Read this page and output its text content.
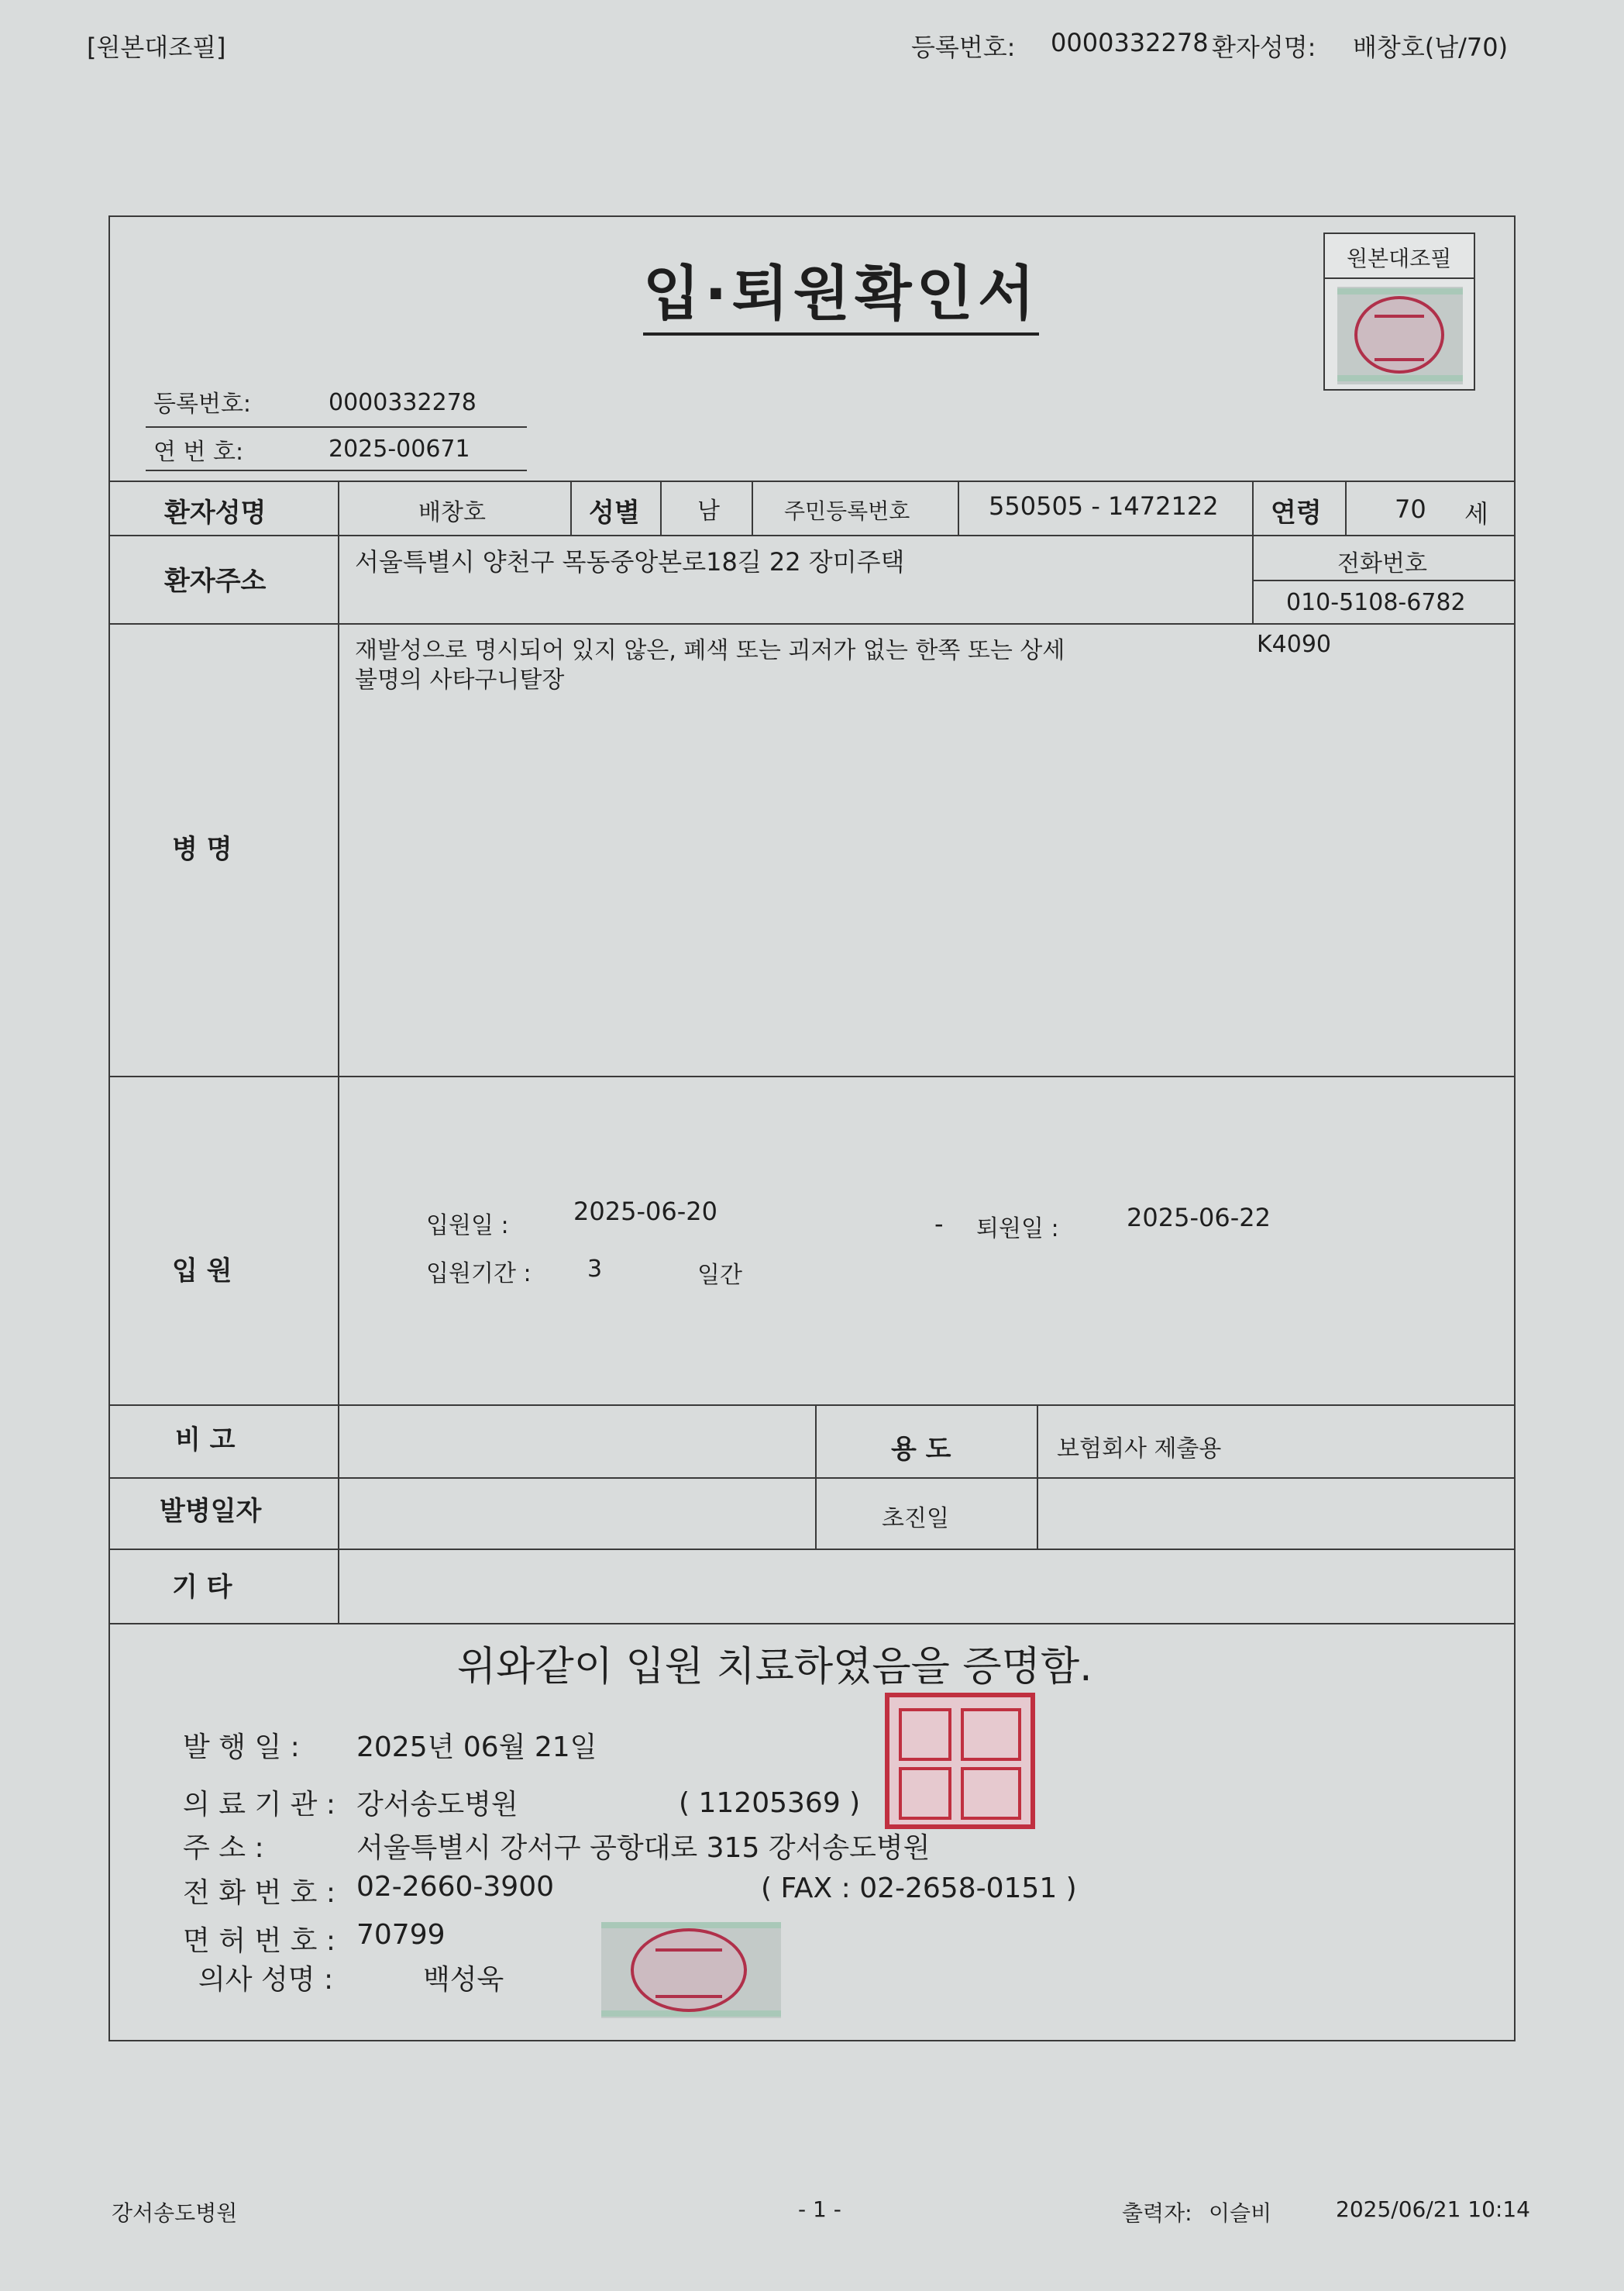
[원본대조필]	등록번호: 0000332278 환자성명: 배창호(남/70)
입·퇴원확인서
원본대조필
등록번호:	0000332278
연 번 호:	2025-00671
환자성명	배창호	성별 남	주민등록번호	550505 - 1472122 연령	70 세
환자주소
서울특별시 양천구 목동중앙본로18길 22 장미주택	전화번호
010-5108-6782
병 명
재발성으로 명시되어 있지 않은, 폐색 또는 괴저가 없는 한쪽 또는 상세
불명의 사타구니탈장
K4090
입 원
입원일 :	2025-06-20	- 퇴원일 :	2025-06-22
입원기간 : 3	일간
비 고	용 도	보험회사 제출용
발병일자	초진일
기 타
위와같이 입원 치료하였음을 증명함.
발 행 일 : 2025년 06월 21일
의 료 기 관 : 강서송도병원	( 11205369 )
주 소 :	서울특별시 강서구 공항대로 315 강서송도병원
전 화 번 호 : 02-2660-3900	( FAX : 02-2658-0151 )
면 허 번 호 : 70799
의사 성명 :	백성욱
강서송도병원	- 1 -	출력자: 이슬비	2025/06/21 10:14
